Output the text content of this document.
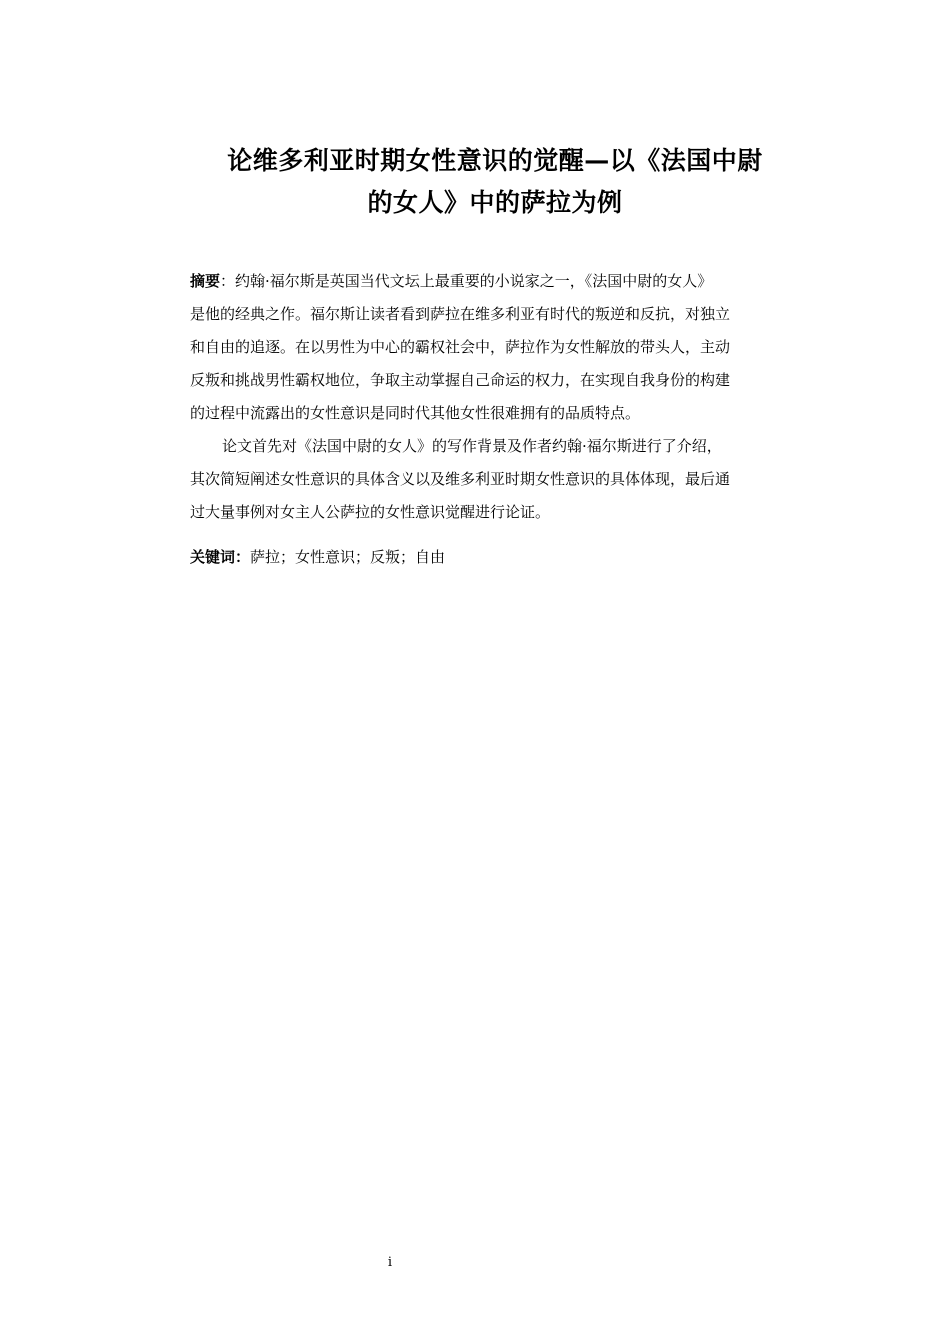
论维多利亚时期女性意识的觉醒—以《法国中尉
的女人》中的萨拉为例

摘要：约翰·福尔斯是英国当代文坛上最重要的小说家之一，《法国中尉的女人》
是他的经典之作。福尔斯让读者看到萨拉在维多利亚有时代的叛逆和反抗，对独立
和自由的追逐。在以男性为中心的霸权社会中，萨拉作为女性解放的带头人，主动
反叛和挑战男性霸权地位，争取主动掌握自己命运的权力，在实现自我身份的构建
的过程中流露出的女性意识是同时代其他女性很难拥有的品质特点。

论文首先对《法国中尉的女人》的写作背景及作者约翰·福尔斯进行了介绍，
其次简短阐述女性意识的具体含义以及维多利亚时期女性意识的具体体现，最后通
过大量事例对女主人公萨拉的女性意识觉醒进行论证。

关键词：萨拉；女性意识；反叛；自由
i
